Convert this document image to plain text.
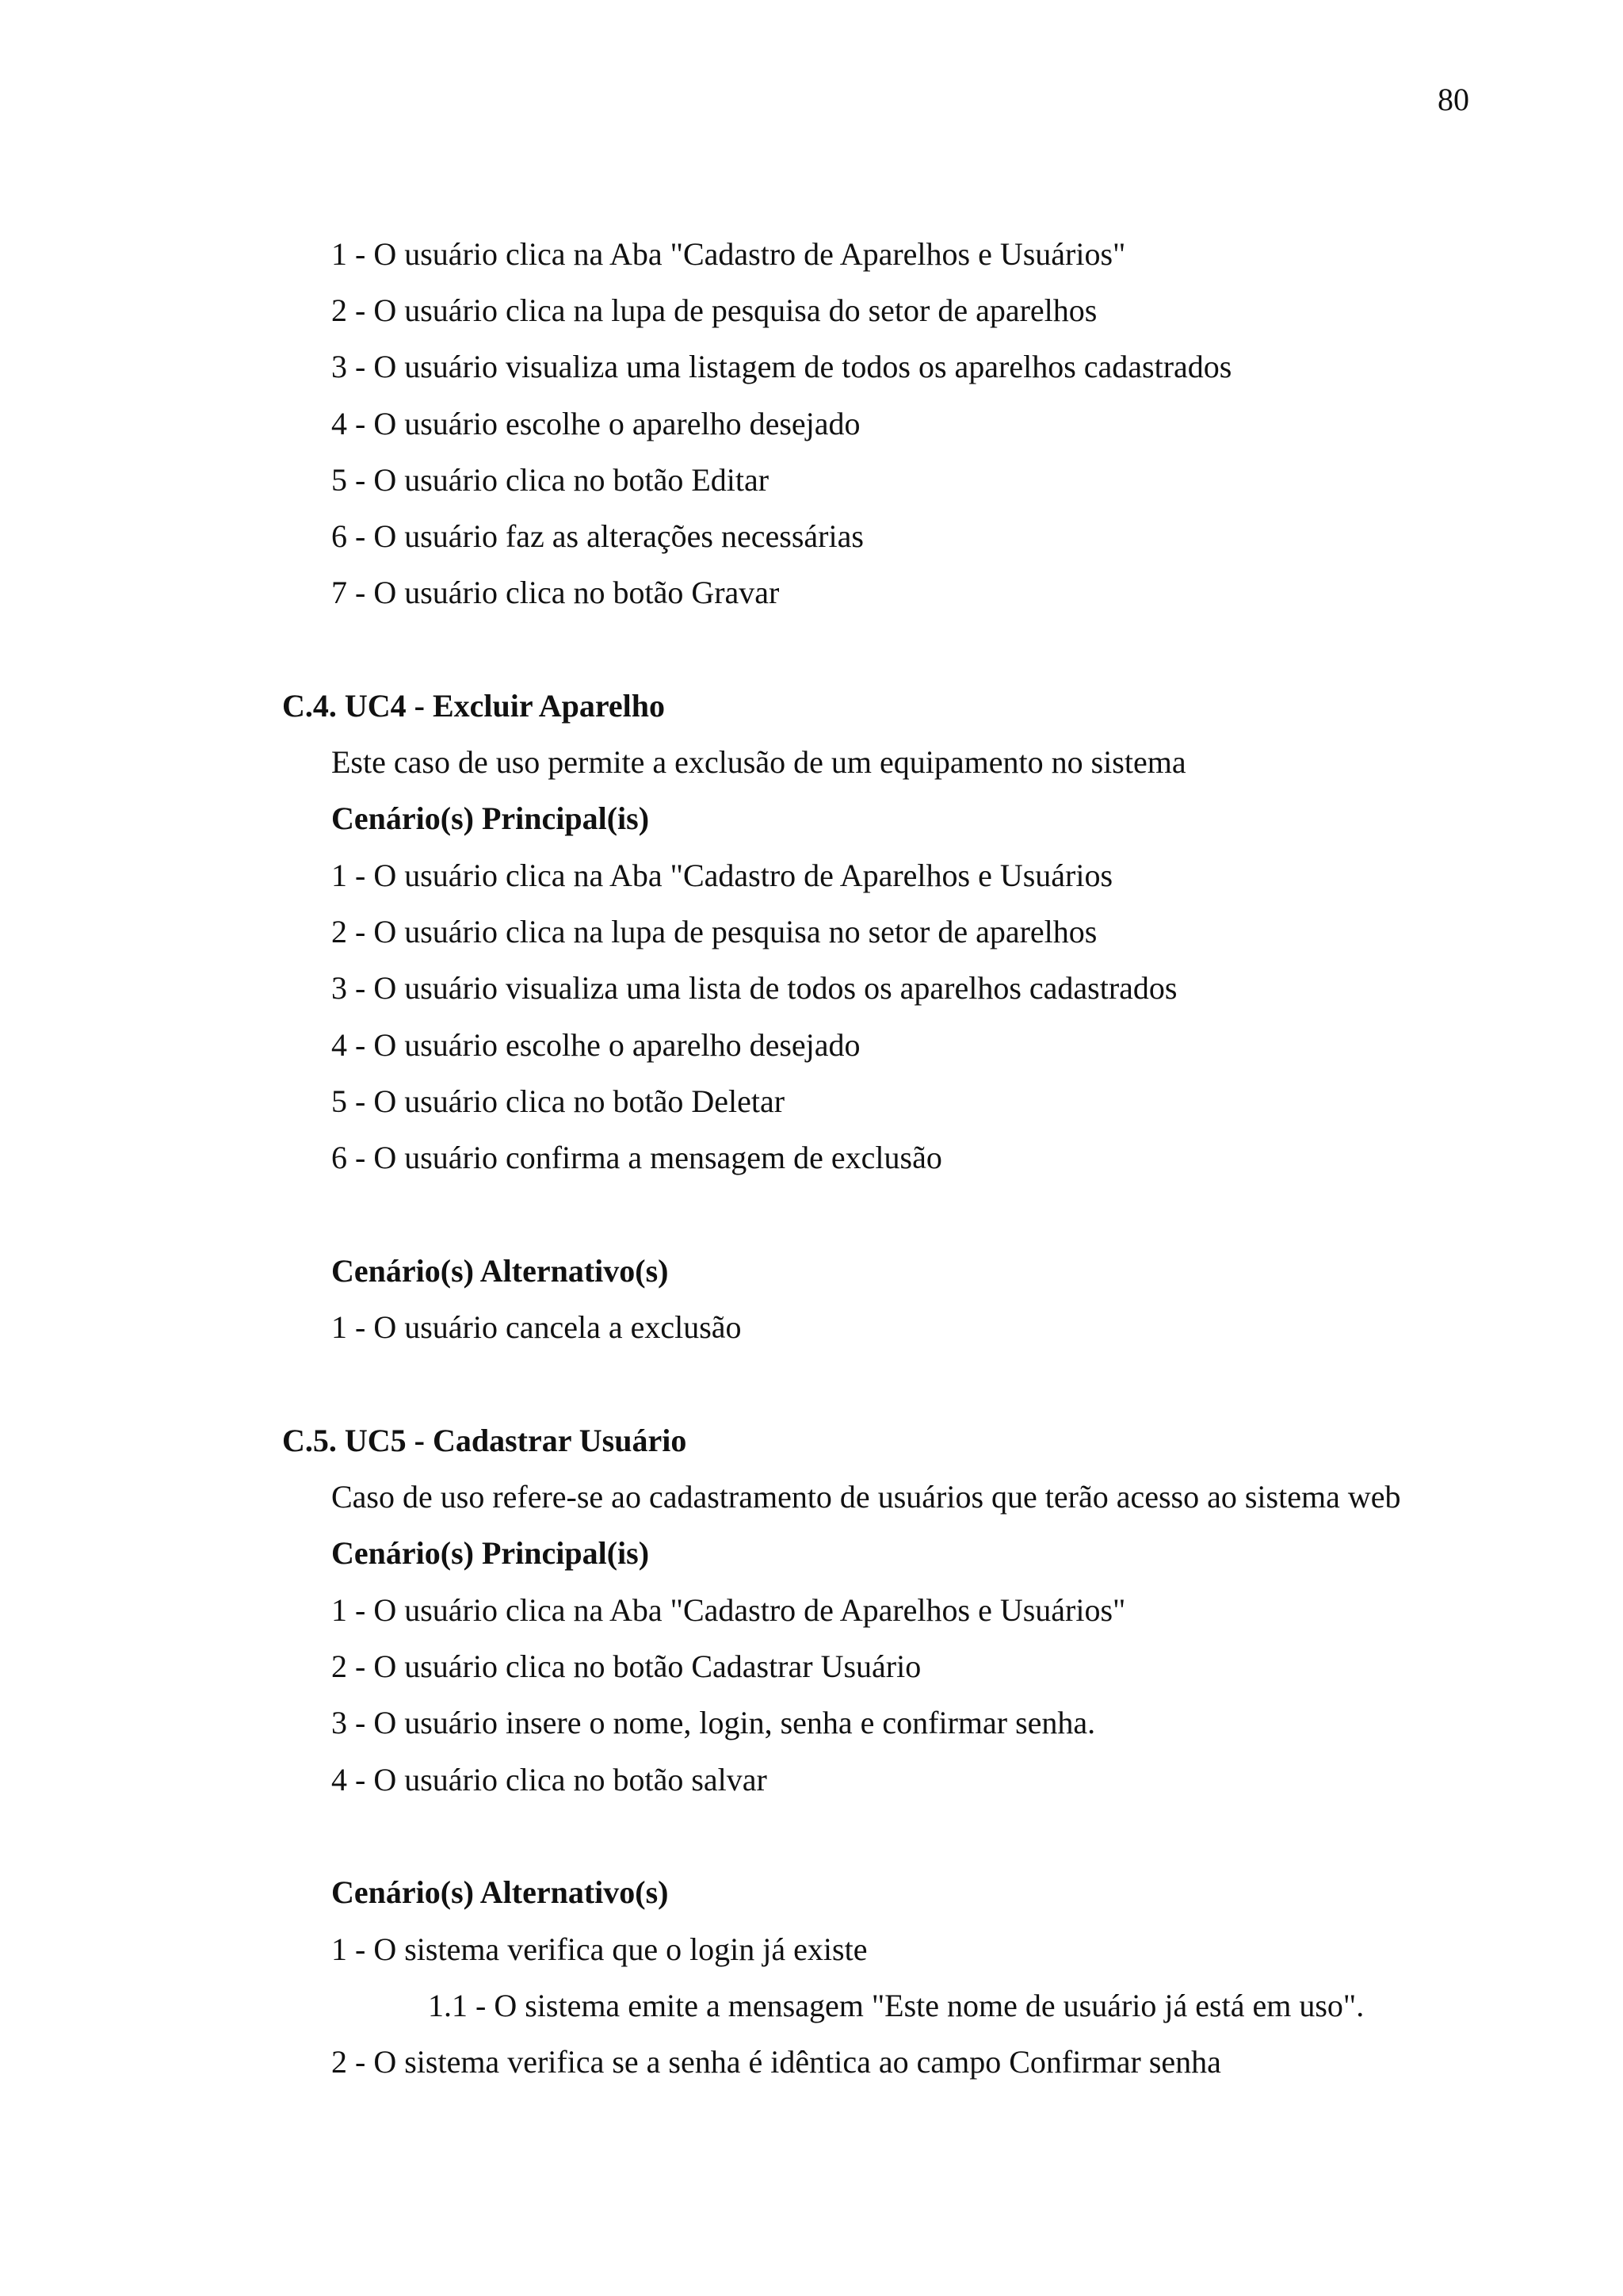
80
1 - O usuário clica na Aba "Cadastro de Aparelhos e Usuários"
2 - O usuário clica na lupa de pesquisa do setor de aparelhos
3 - O usuário visualiza uma listagem de todos os aparelhos cadastrados
4 - O usuário escolhe o aparelho desejado
5 - O usuário clica no botão Editar
6 - O usuário faz as alterações necessárias
7 - O usuário clica no botão Gravar
C.4. UC4 - Excluir Aparelho
Este caso de uso permite a exclusão de um equipamento no sistema
Cenário(s) Principal(is)
1 - O usuário clica na Aba "Cadastro de Aparelhos e Usuários
2 - O usuário clica na lupa de pesquisa no setor de aparelhos
3 - O usuário visualiza uma lista de todos os aparelhos cadastrados
4 - O usuário escolhe o aparelho desejado
5 - O usuário clica no botão Deletar
6 - O usuário confirma a mensagem de exclusão
Cenário(s) Alternativo(s)
1 - O usuário cancela a exclusão
C.5. UC5 - Cadastrar Usuário
Caso de uso refere-se ao cadastramento de usuários que terão acesso ao sistema web
Cenário(s) Principal(is)
1 - O usuário clica na Aba "Cadastro de Aparelhos e Usuários"
2 - O usuário clica no botão Cadastrar Usuário
3 - O usuário insere o nome, login, senha e confirmar senha.
4 - O usuário clica no botão salvar
Cenário(s) Alternativo(s)
1 - O sistema verifica que o login já existe
1.1 - O sistema emite a mensagem "Este nome de usuário já está em uso".
2 - O sistema verifica se a senha é idêntica ao campo Confirmar senha
